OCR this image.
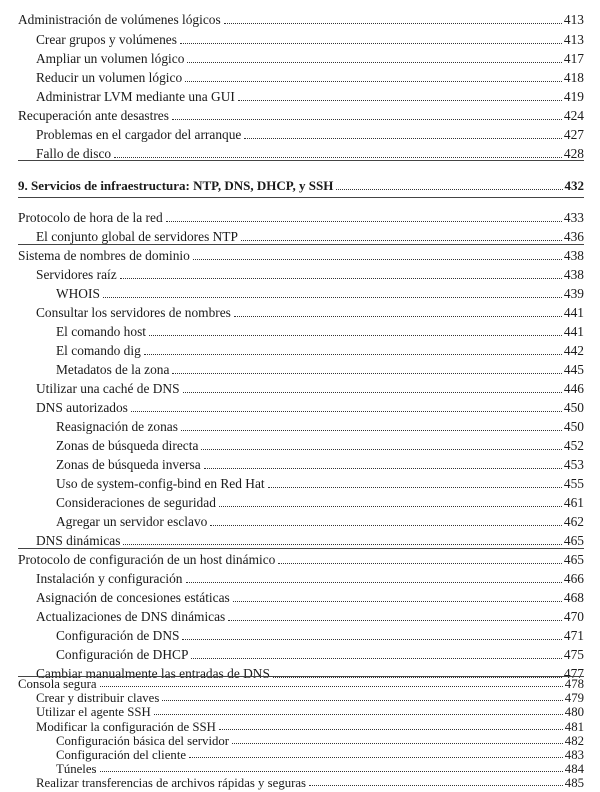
Administración de volúmenes lógicos	413
Crear grupos y volúmenes	413
Ampliar un volumen lógico	417
Reducir un volumen lógico	418
Administrar LVM mediante una GUI	419
Recuperación ante desastres	424
Problemas en el cargador del arranque	427
Fallo de disco	428
9. Servicios de infraestructura: NTP, DNS, DHCP, y SSH	432
Protocolo de hora de la red	433
El conjunto global de servidores NTP	436
Sistema de nombres de dominio	438
Servidores raíz	438
WHOIS	439
Consultar los servidores de nombres	441
El comando host	441
El comando dig	442
Metadatos de la zona	445
Utilizar una caché de DNS	446
DNS autorizados	450
Reasignación de zonas	450
Zonas de búsqueda directa	452
Zonas de búsqueda inversa	453
Uso de system-config-bind en Red Hat	455
Consideraciones de seguridad	461
Agregar un servidor esclavo	462
DNS dinámicas	465
Protocolo de configuración de un host dinámico	465
Instalación y configuración	466
Asignación de concesiones estáticas	468
Actualizaciones de DNS dinámicas	470
Configuración de DNS	471
Configuración de DHCP	475
Cambiar manualmente las entradas de DNS	477
Consola segura	478
Crear y distribuir claves	479
Utilizar el agente SSH	480
Modificar la configuración de SSH	481
Configuración básica del servidor	482
Configuración del cliente	483
Túneles	484
Realizar transferencias de archivos rápidas y seguras	485
